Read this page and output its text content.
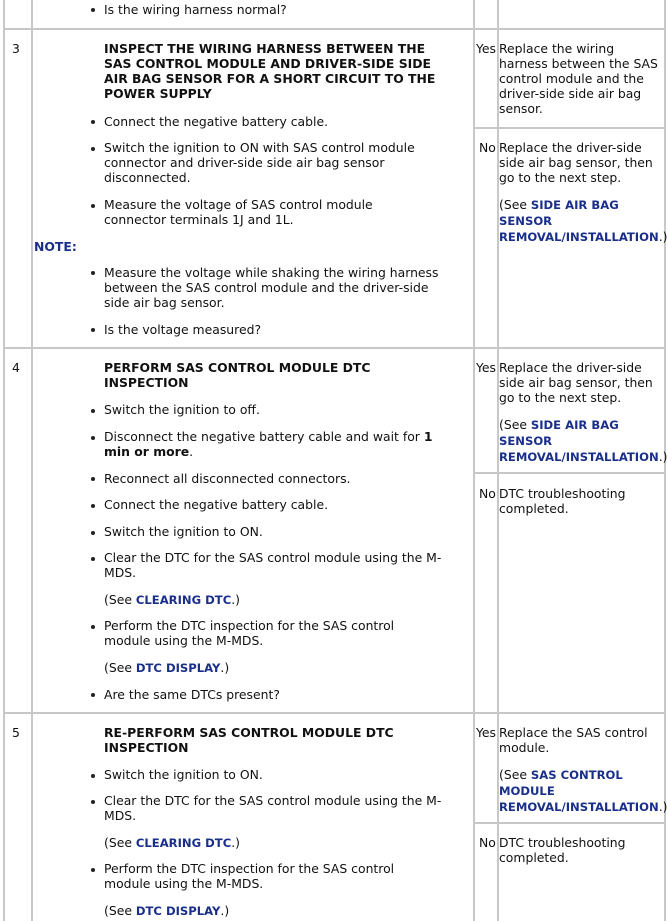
Is the wiring harness normal?
3	INSPECT THE WIRING HARNESS BETWEEN THE SAS CONTROL MODULE AND DRIVER-SIDE SIDE AIR BAG SENSOR FOR A SHORT CIRCUIT TO THE POWER SUPPLY
Connect the negative battery cable.
Switch the ignition to ON with SAS control module connector and driver-side side air bag sensor disconnected.
Measure the voltage of SAS control module connector terminals 1J and 1L.
NOTE:
Measure the voltage while shaking the wiring harness between the SAS control module and the driver-side side air bag sensor.
Is the voltage measured?
Yes Replace the wiring harness between the SAS control module and the driver-side side air bag sensor.
No Replace the driver-side side air bag sensor, then go to the next step.
(See SIDE AIR BAG SENSOR REMOVAL/INSTALLATION.)
4	PERFORM SAS CONTROL MODULE DTC INSPECTION
Switch the ignition to off.
Disconnect the negative battery cable and wait for 1 min or more.
Reconnect all disconnected connectors.
Connect the negative battery cable.
Switch the ignition to ON.
Clear the DTC for the SAS control module using the M-MDS.
(See CLEARING DTC.)
Perform the DTC inspection for the SAS control module using the M-MDS.
(See DTC DISPLAY.)
Are the same DTCs present?
Yes Replace the driver-side side air bag sensor, then go to the next step.
(See SIDE AIR BAG SENSOR REMOVAL/INSTALLATION.)
No DTC troubleshooting completed.
5	RE-PERFORM SAS CONTROL MODULE DTC INSPECTION
Switch the ignition to ON.
Clear the DTC for the SAS control module using the M-MDS.
(See CLEARING DTC.)
Perform the DTC inspection for the SAS control module using the M-MDS.
(See DTC DISPLAY.)
Yes Replace the SAS control module.
(See SAS CONTROL MODULE REMOVAL/INSTALLATION.)
No DTC troubleshooting completed.
